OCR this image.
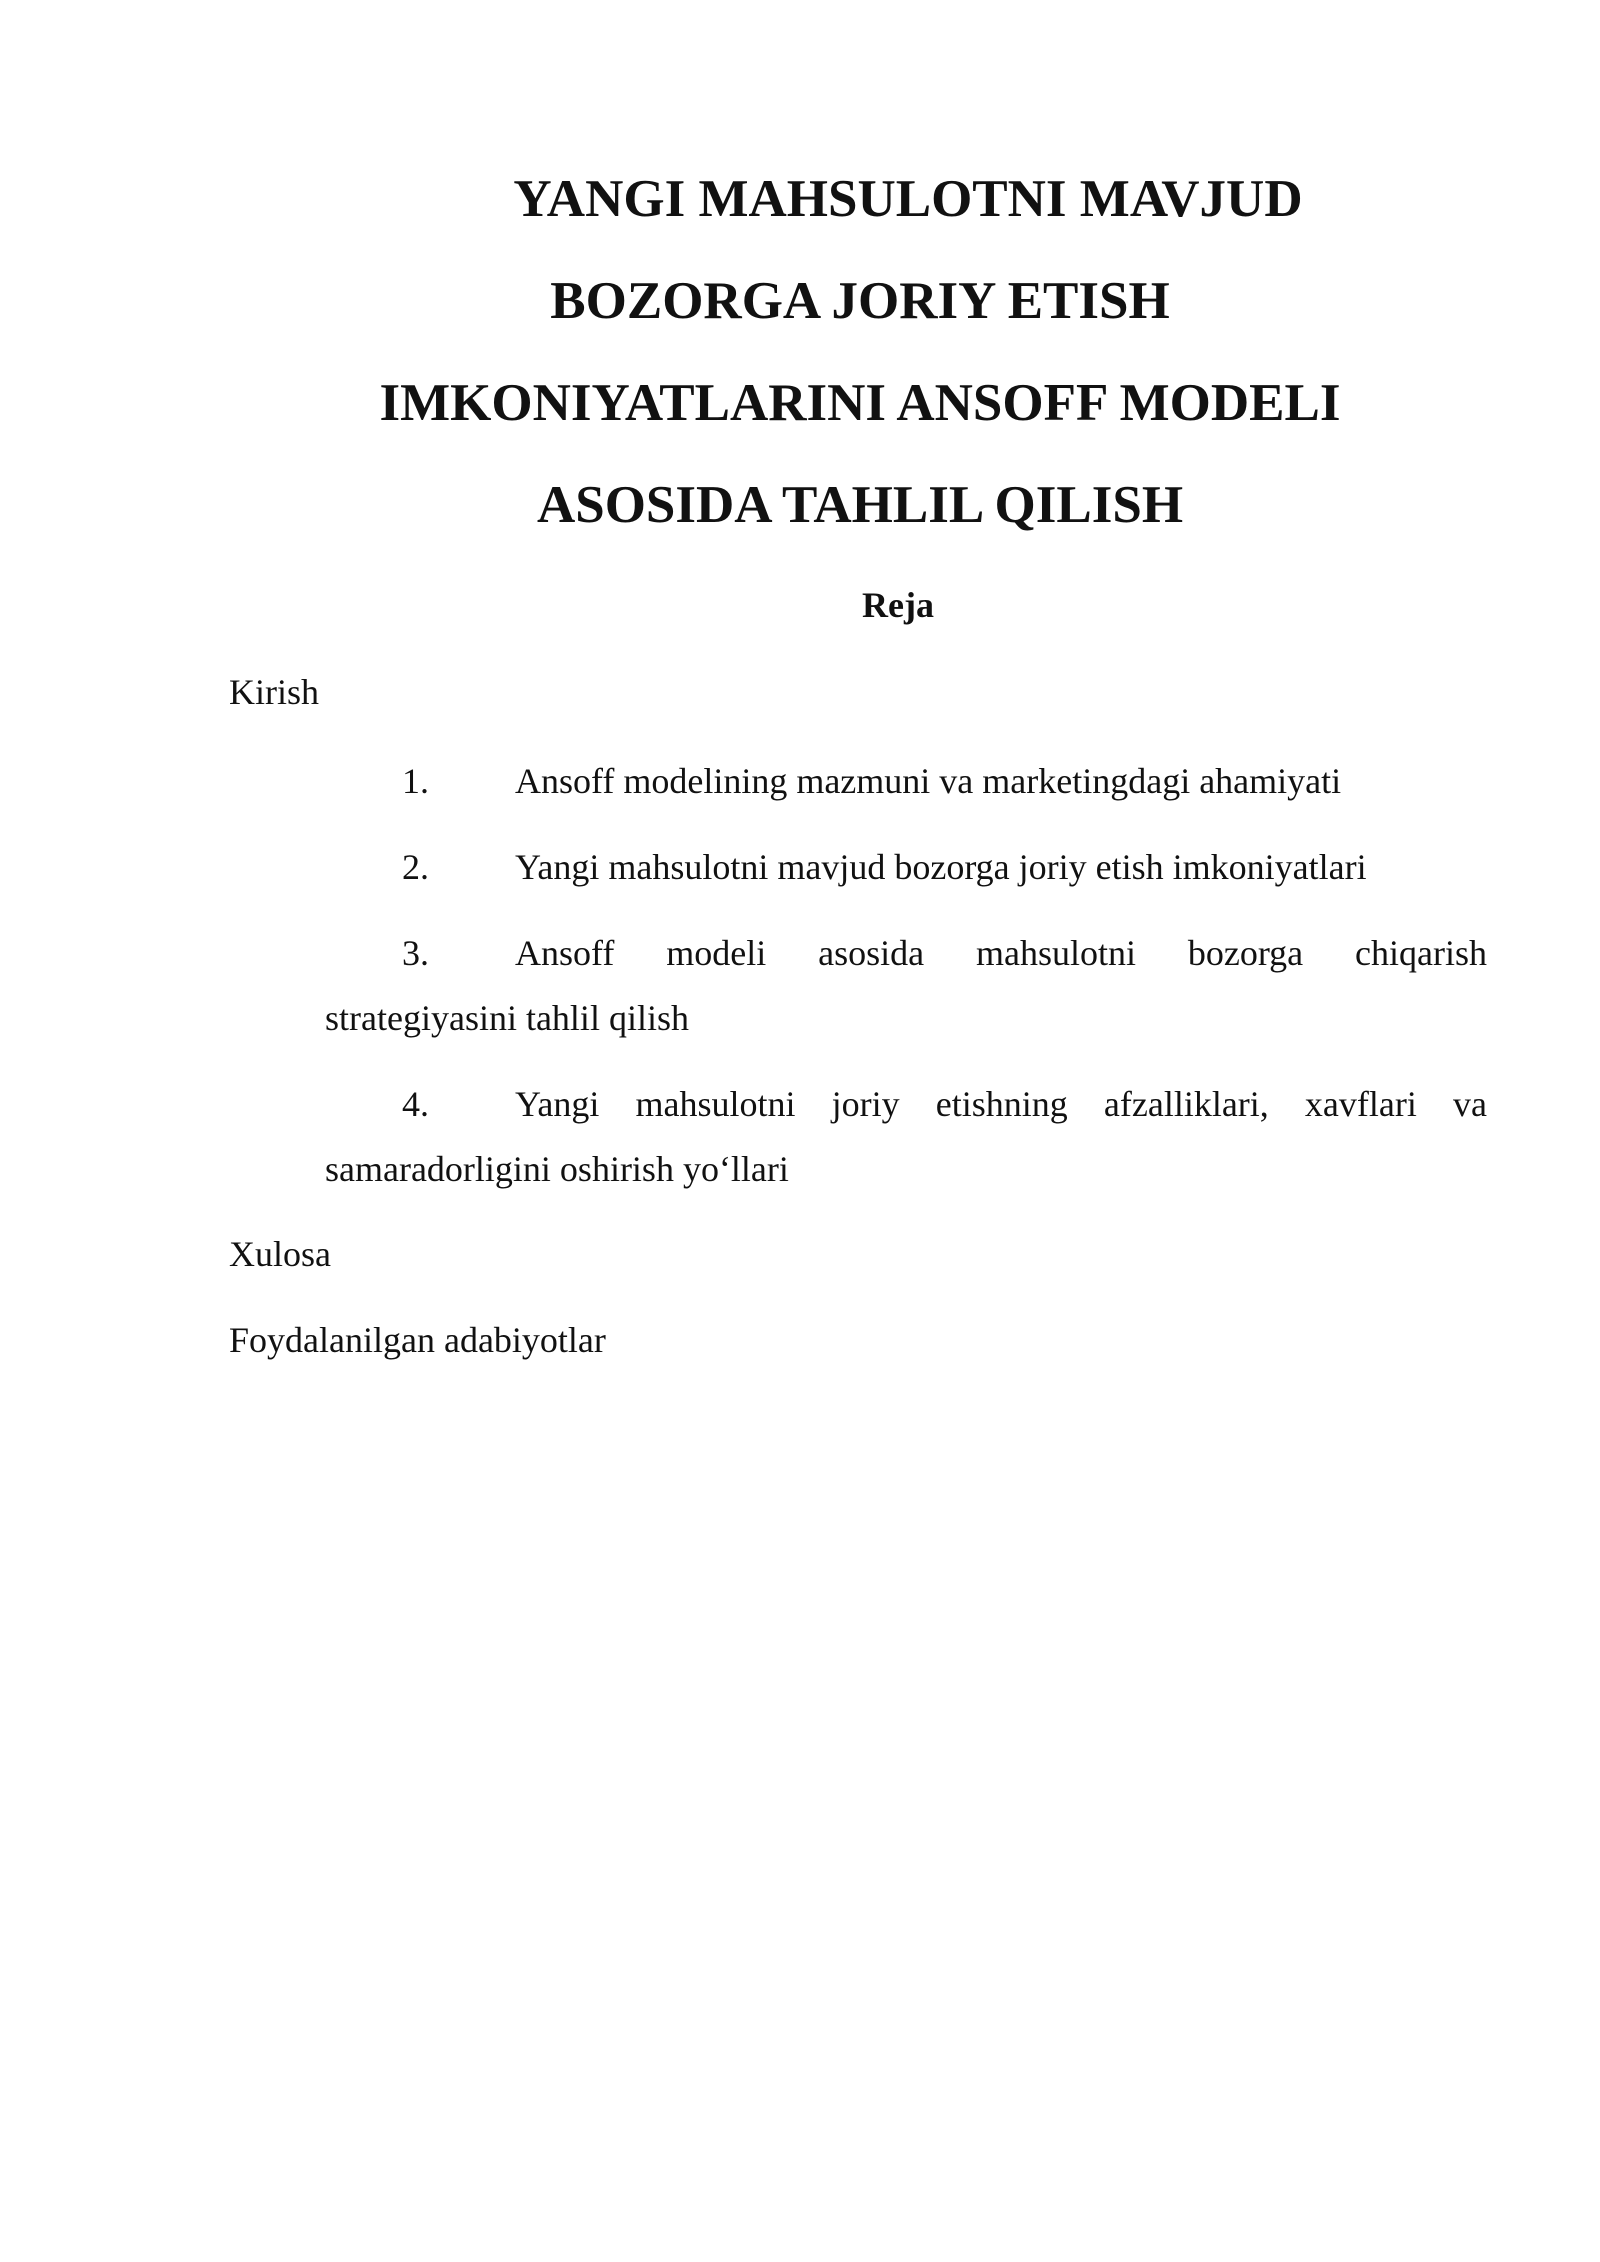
YANGI MAHSULOTNI MAVJUD
BOZORGA JORIY ETISH
IMKONIYATLARINI ANSOFF MODELI
ASOSIDA TAHLIL QILISH

Reja

Kirish

1. Ansoff modelining mazmuni va marketingdagi ahamiyati
2. Yangi mahsulotni mavjud bozorga joriy etish imkoniyatlari
3. Ansoff modeli asosida mahsulotni bozorga chiqarish
strategiyasini tahlil qilish
4. Yangi mahsulotni joriy etishning afzalliklari, xavflari va
samaradorligini oshirish yo‘llari

Xulosa

Foydalanilgan adabiyotlar
